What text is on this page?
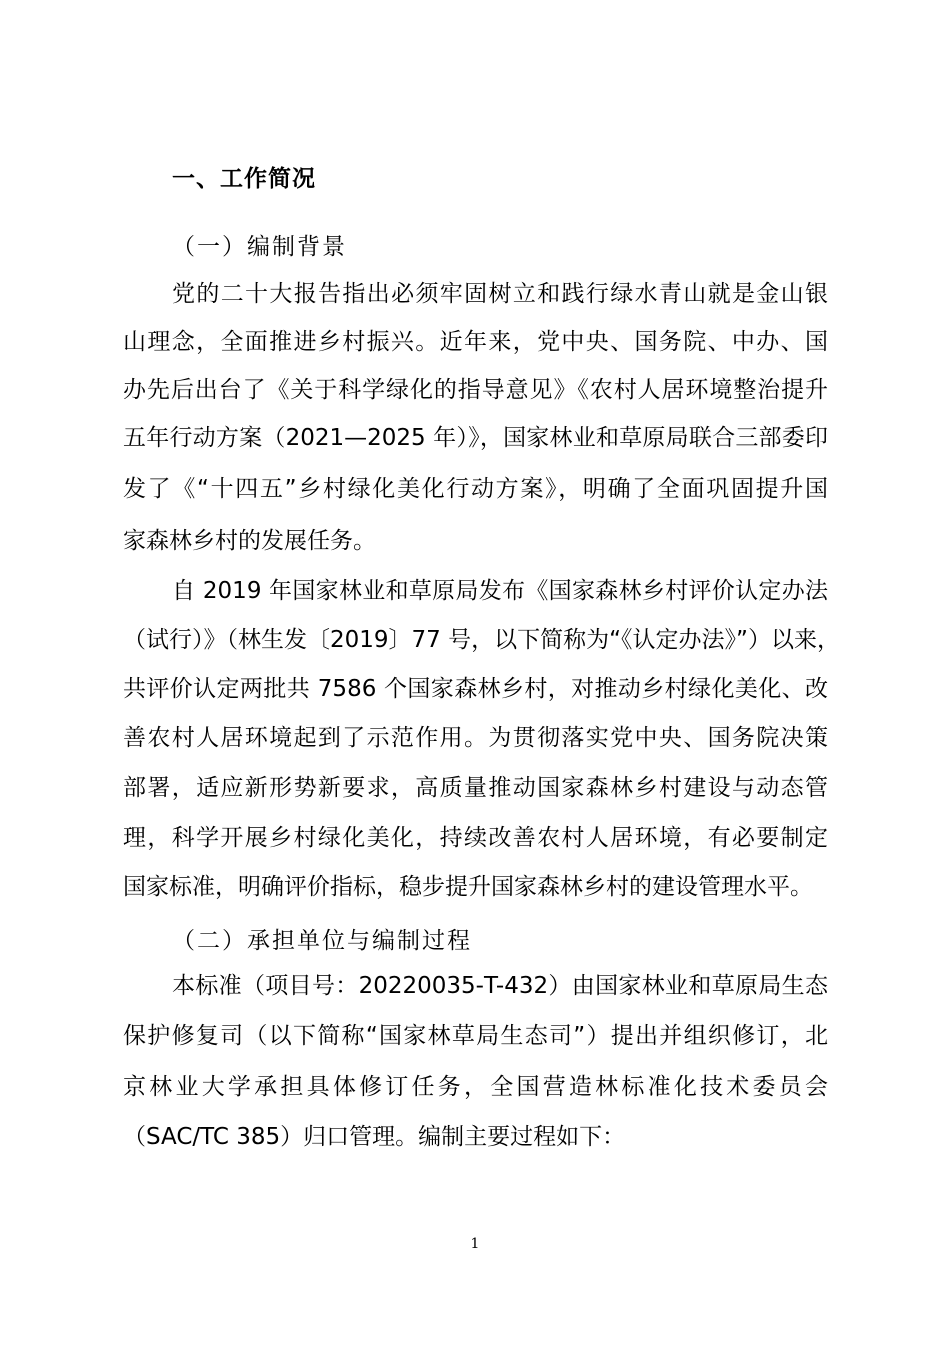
一、工作简况
（一）编制背景
党的二十大报告指出必须牢固树立和践行绿水青山就是金山银
山理念，全面推进乡村振兴。近年来，党中央、国务院、中办、国
办先后出台了《关于科学绿化的指导意见》《农村人居环境整治提升
五年行动方案（2021—2025 年）》，国家林业和草原局联合三部委印
发了《“十四五”乡村绿化美化行动方案》，明确了全面巩固提升国
家森林乡村的发展任务。
自 2019 年国家林业和草原局发布《国家森林乡村评价认定办法
（试行）》（林生发〔2019〕77 号，以下简称为“《认定办法》”）以来，
共评价认定两批共 7586 个国家森林乡村，对推动乡村绿化美化、改
善农村人居环境起到了示范作用。为贯彻落实党中央、国务院决策
部署，适应新形势新要求，高质量推动国家森林乡村建设与动态管
理，科学开展乡村绿化美化，持续改善农村人居环境，有必要制定
国家标准，明确评价指标，稳步提升国家森林乡村的建设管理水平。
（二）承担单位与编制过程
本标准（项目号：20220035-T-432）由国家林业和草原局生态
保护修复司（以下简称“国家林草局生态司”）提出并组织修订，北
京林业大学承担具体修订任务，全国营造林标准化技术委员会
（SAC/TC 385）归口管理。编制主要过程如下：
1
